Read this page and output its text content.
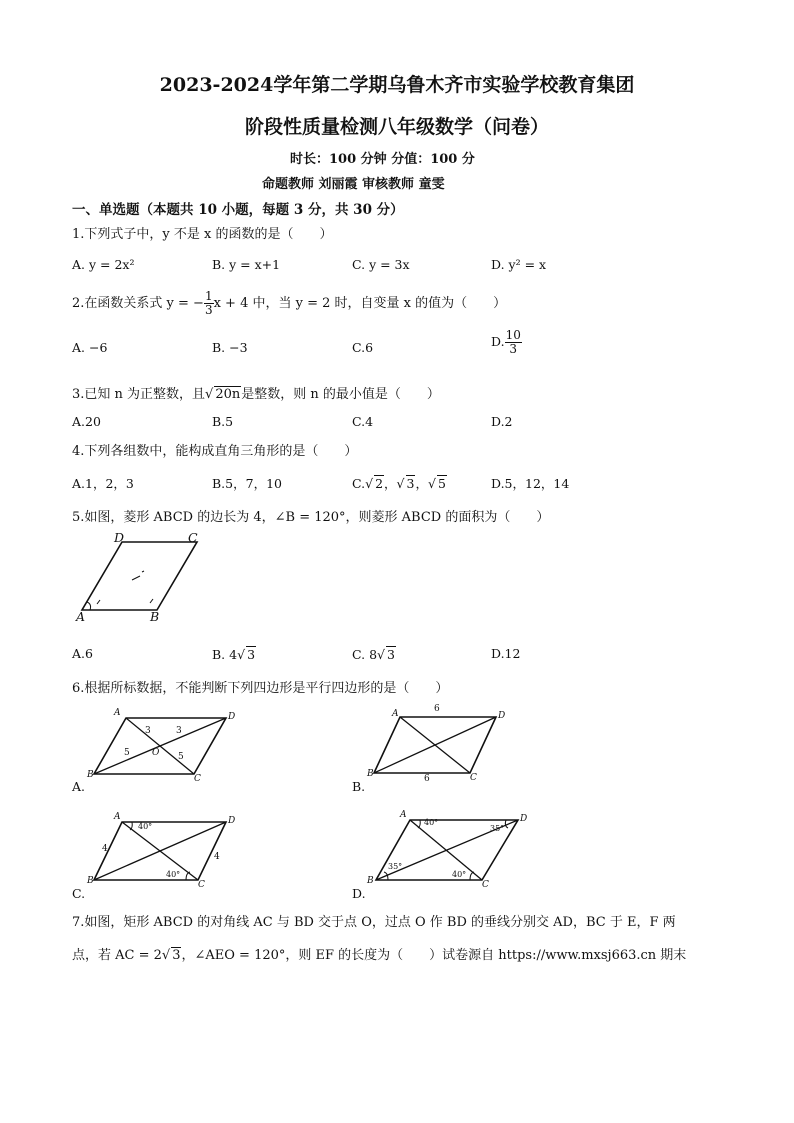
2023-2024学年第二学期乌鲁木齐市实验学校教育集团
阶段性质量检测八年级数学（问卷）
时长：100 分钟 分值：100 分
命题教师 刘丽霞 审核教师 童雯
一、单选题（本题共 10 小题，每题 3 分，共 30 分）
1.下列式子中，y 不是 x 的函数的是（　　）
A. y = 2x²	B. y = x+1	C. y = 3x	D. y² = x
2.在函数关系式 y = − $\frac{1}{3}$ x + 4 中，当 y = 2 时，自变量 x 的值为（　　）
A. −6	B. −3	C.6	D. $\frac{10}{3}$
3.已知 n 为正整数，且√ 20n是整数，则 n 的最小值是（　　）
A.20	B.5	C.4	D.2
4.下列各组数中，能构成直角三角形的是（　　）
A.1，2，3	B.5，7，10	C.√ 2，√ 3，√ 5	D.5，12，14
5.如图，菱形 ABCD 的边长为 4，∠B = 120°，则菱形 ABCD 的面积为（　　）
A	B
C
D
A.6	B. 4√ 3	C. 8√ 3	D.12
6.根据所标数据，不能判断下列四边形是平行四边形的是（　　）
A
B	C
D
O
3	3
5	5
A.
A
B	C
D
6
6
B.
A
B	C
D
40°
40°
4
4
C.
A
B	C
D
40°
35°
35°
40°
D.
7.如图，矩形 ABCD 的对角线 AC 与 BD 交于点 O，过点 O 作 BD 的垂线分别交 AD，BC 于 E，F 两
点，若 AC = 2√ 3，∠AEO = 120°，则 EF 的长度为（　　）试卷源自 https://www.mxsj663.cn 期末
